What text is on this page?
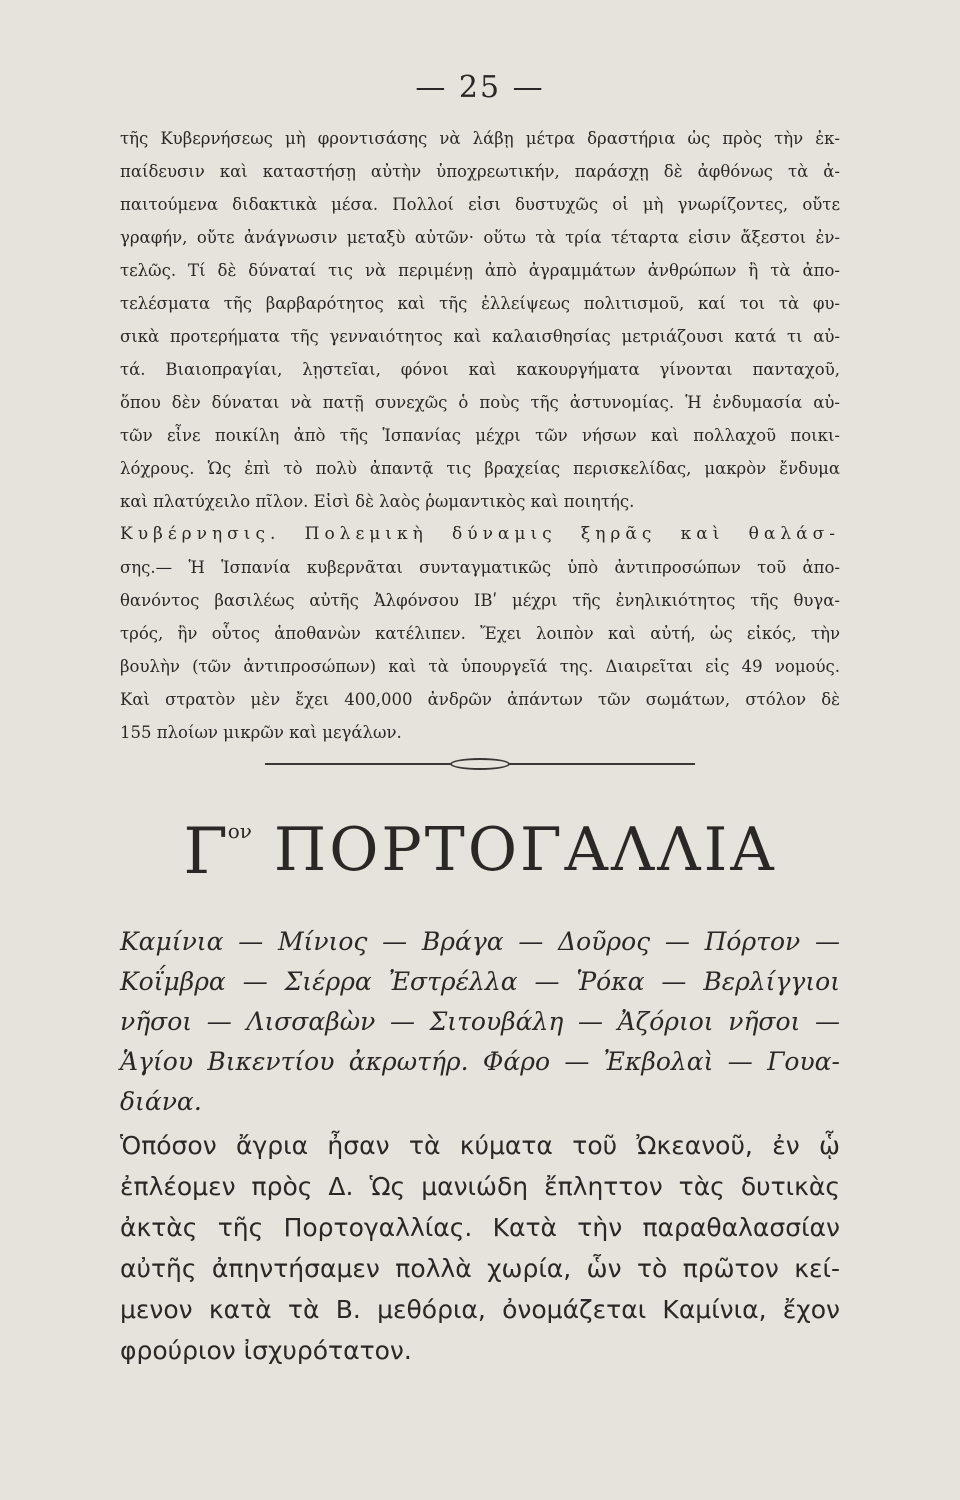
— 25 —
τῆς Κυβερνήσεως μὴ φροντισάσης νὰ λάβῃ μέτρα δραστήρια ὡς πρὸς τὴν ἐκ-
παίδευσιν καὶ καταστήσῃ αὐτὴν ὑποχρεωτικήν, παράσχῃ δὲ ἀφθόνως τὰ ἀ-
παιτούμενα διδακτικὰ μέσα. Πολλοί εἰσι δυστυχῶς οἱ μὴ γνωρίζοντες, οὔτε
γραφήν, οὔτε ἀνάγνωσιν μεταξὺ αὐτῶν· οὕτω τὰ τρία τέταρτα εἰσιν ἄξεστοι ἐν-
τελῶς. Τί δὲ δύναταί τις νὰ περιμένῃ ἀπὸ ἀγραμμάτων ἀνθρώπων ἢ τὰ ἀπο-
τελέσματα τῆς βαρβαρότητος καὶ τῆς ἐλλείψεως πολιτισμοῦ, καί τοι τὰ φυ-
σικὰ προτερήματα τῆς γενναιότητος καὶ καλαισθησίας μετριάζουσι κατά τι αὐ-
τά. Βιαιοπραγίαι, λῃστεῖαι, φόνοι καὶ κακουργήματα γίνονται πανταχοῦ,
ὅπου δὲν δύναται νὰ πατῇ συνεχῶς ὁ ποὺς τῆς ἀστυνομίας. Ἡ ἐνδυμασία αὐ-
τῶν εἶνε ποικίλη ἀπὸ τῆς Ἱσπανίας μέχρι τῶν νήσων καὶ πολλαχοῦ ποικι-
λόχρους. Ὡς ἐπὶ τὸ πολὺ ἀπαντᾷ τις βραχείας περισκελίδας, μακρὸν ἔνδυμα
καὶ πλατύχειλο πῖλον. Εἰσὶ δὲ λαὸς ῥωμαντικὸς καὶ ποιητής.
Κυβέρνησις. Πολεμικὴ δύναμις ξηρᾶς καὶ θαλάσ-
σης.— Ἡ Ἱσπανία κυβερνᾶται συνταγματικῶς ὑπὸ ἀντιπροσώπων τοῦ ἀπο-
θανόντος βασιλέως αὐτῆς Ἀλφόνσου ΙΒʹ μέχρι τῆς ἐνηλικιότητος τῆς θυγα-
τρός, ἣν οὗτος ἀποθανὼν κατέλιπεν. Ἔχει λοιπὸν καὶ αὐτή, ὡς εἰκός, τὴν
βουλὴν (τῶν ἀντιπροσώπων) καὶ τὰ ὑπουργεῖά της. Διαιρεῖται εἰς 49 νομούς.
Καὶ στρατὸν μὲν ἔχει 400,000 ἀνδρῶν ἁπάντων τῶν σωμάτων, στόλον δὲ
155 πλοίων μικρῶν καὶ μεγάλων.
Γον ΠΟΡΤΟΓΑΛΛΙΑ
Καμίνια — Μίνιος — Βράγα — Δοῦρος — Πόρτον —
Κοΐμβρα — Σιέρρα Ἐστρέλλα — Ῥόκα — Βερλίγγιοι
νῆσοι — Λισσαβὼν — Σιτουβάλη — Ἀζόριοι νῆσοι —
Ἁγίου Βικεντίου ἀκρωτήρ. Φάρο — Ἐκβολαὶ — Γουα-
διάνα.
Ὁπόσον ἄγρια ἦσαν τὰ κύματα τοῦ Ὠκεανοῦ, ἐν ᾧ
ἐπλέομεν πρὸς Δ. Ὡς μανιώδη ἔπληττον τὰς δυτικὰς
ἀκτὰς τῆς Πορτογαλλίας. Κατὰ τὴν παραθαλασσίαν
αὐτῆς ἀπηντήσαμεν πολλὰ χωρία, ὧν τὸ πρῶτον κεί-
μενον κατὰ τὰ Β. μεθόρια, ὀνομάζεται Καμίνια, ἔχον
φρούριον ἰσχυρότατον.
